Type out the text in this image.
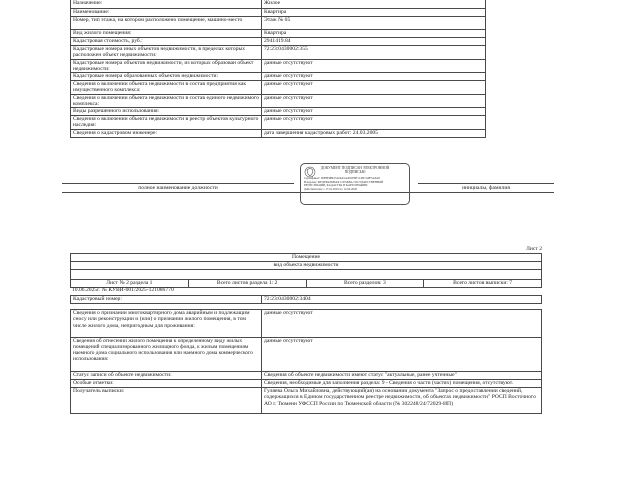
Назначение:	Жилое
Наименование:	Квартира
Номер, тип этажа, на котором расположено помещение, машино-место	Этаж № 05
Вид жилого помещения:	Квартира
Кадастровая стоимость, руб.:	2941419.84
Кадастровые номера иных объектов недвижимости, в пределах которых расположен объект недвижимости:	72:23:0430002:355
Кадастровые номера объектов недвижимости, из которых образован объект недвижимости:	данные отсутствуют
Кадастровые номера образованных объектов недвижимости:	данные отсутствуют
Сведения о включении объекта недвижимости в состав предприятия как имущественного комплекса:	данные отсутствуют
Сведения о включении объекта недвижимости в состав единого недвижимого комплекса:	данные отсутствуют
Виды разрешенного использования:	данные отсутствуют
Сведения о включении объекта недвижимости в реестр объектов культурного наследия:	данные отсутствуют
Сведения о кадастровом инженере:	дата завершения кадастровых работ: 24.03.2005
полное наименование должности	инициалы, фамилия
ДОКУМЕНТ ПОДПИСАН ЭЛЕКТРОННОЙ ПОДПИСЬЮ
Сертификат: 00F8E9BD7A04A5A4D1E8F1C2B7A9F5A0A8
Владелец: ФЕДЕРАЛЬНАЯ СЛУЖБА ГОСУДАРСТВЕННОЙ
РЕГИСТРАЦИИ, КАДАСТРА И КАРТОГРАФИИ
Действителен: с 17.01.2025 по 12.04.2026
Лист 2
Помещение
вид объекта недвижимости

Лист № 2 раздела 1	Всего листов раздела 1: 2	Всего разделов: 3	Всего листов выписки: 7
10.06.2025г. № КУВИ-001/2025-121086770
Кадастровый номер:	72:23:0430002:3404
Сведения о признании многоквартирного дома аварийным и подлежащим сносу или реконструкции и (или) о признании жилого помещения, в том числе жилого дома, непригодным для проживания:	данные отсутствуют
Сведения об отнесении жилого помещения к определенному виду жилых помещений специализированного жилищного фонда, к жилым помещениям наемного дома социального использования или наемного дома коммерческого использования:	данные отсутствуют
Статус записи об объекте недвижимости:	Сведения об объекте недвижимости имеют статус "актуальные, ранее учтенные"
Особые отметки:	Сведения, необходимые для заполнения раздела: 9 - Сведения о части (частях) помещения, отсутствуют.
Получатель выписки:	Гуляева Ольга Михайловна, действующий(ая) на основании документа "Запрос о предоставлении сведений, содержащихся в Едином государственном реестре недвижимости, об объектах недвижимости" РОСП Восточного АО г. Тюмени УФССП России по Тюменской области (№ 302248/24/72029-ИП)
